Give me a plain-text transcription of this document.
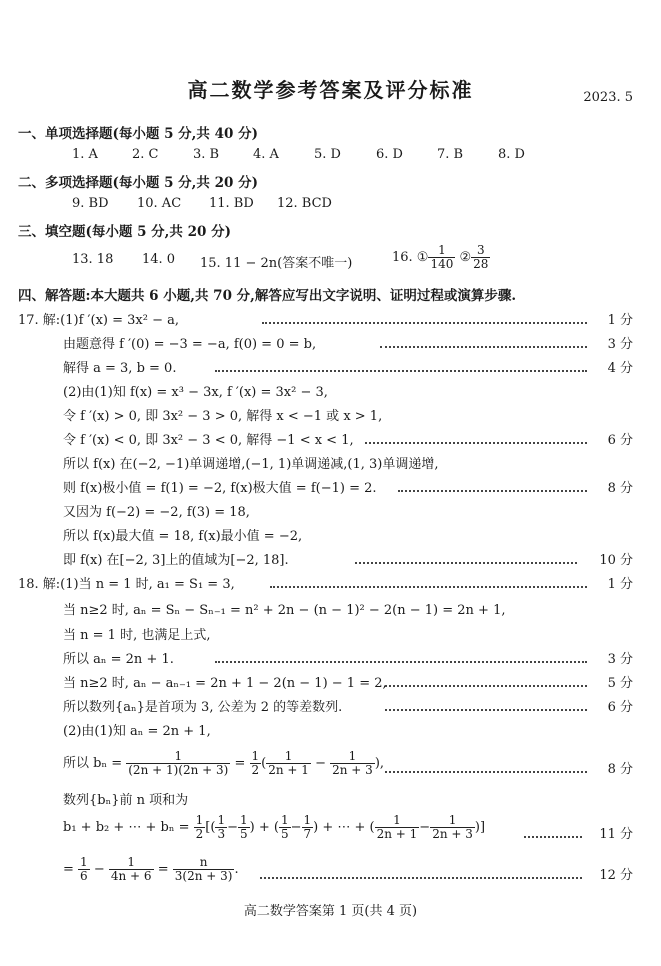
高二数学参考答案及评分标准	2023. 5
一、单项选择题(每小题 5 分,共 40 分)
1. A	2. C	3. B	4. A	5. D	6. D	7. B	8. D
二、多项选择题(每小题 5 分,共 20 分)
9. BD 10. AC 11. BD 12. BCD
三、填空题(每小题 5 分,共 20 分)
13. 18 14. 0 15. 11 − 2n(答案不唯一)	16. ① $\frac{1}{140}$ ② $\frac{3}{28}$
四、解答题:本大题共 6 小题,共 70 分,解答应写出文字说明、证明过程或演算步骤.
17. 解:(1)f ′(x) = 3x² − a,	1 分
由题意得 f ′(0) = −3 = −a, f(0) = 0 = b,	3 分
解得 a = 3, b = 0.	4 分
(2)由(1)知 f(x) = x³ − 3x, f ′(x) = 3x² − 3,
令 f ′(x) > 0, 即 3x² − 3 > 0, 解得 x < −1 或 x > 1,
令 f ′(x) < 0, 即 3x² − 3 < 0, 解得 −1 < x < 1,	6 分
所以 f(x) 在(−2, −1)单调递增,(−1, 1)单调递减,(1, 3)单调递增,
则 f(x)极小值 = f(1) = −2, f(x)极大值 = f(−1) = 2.	8 分
又因为 f(−2) = −2, f(3) = 18,
所以 f(x)最大值 = 18, f(x)最小值 = −2,
即 f(x) 在[−2, 3]上的值域为[−2, 18].	10 分
18. 解:(1)当 n = 1 时, a₁ = S₁ = 3,	1 分
当 n≥2 时, aₙ = Sₙ − Sₙ₋₁ = n² + 2n − (n − 1)² − 2(n − 1) = 2n + 1,
当 n = 1 时, 也满足上式,
所以 aₙ = 2n + 1.	3 分
当 n≥2 时, aₙ − aₙ₋₁ = 2n + 1 − 2(n − 1) − 1 = 2,	5 分
所以数列{aₙ}是首项为 3, 公差为 2 的等差数列.	6 分
(2)由(1)知 aₙ = 2n + 1,
所以 $b_n = \frac{1}{(2n + 1)(2n + 3)} = \frac{1}{2}$ ( $\frac{1}{2n + 1} - \frac{1}{2n + 3}$ ),	8 分
数列{bₙ}前 n 项和为
b₁ + b₂ + ⋯ + $b_n = \frac{1}{2}$ [( $\frac{1}{3} - \frac{1}{5}$ ) + ( $\frac{1}{5} - \frac{1}{7}$ ) + ⋯ + ( $\frac{1}{2n + 1} - \frac{1}{2n + 3}$ )]	11 分
= $\frac{1}{6} - \frac{1}{4n + 6} = \frac{n}{3(2n + 3)}$ .	12 分
高二数学答案第 1 页(共 4 页)
